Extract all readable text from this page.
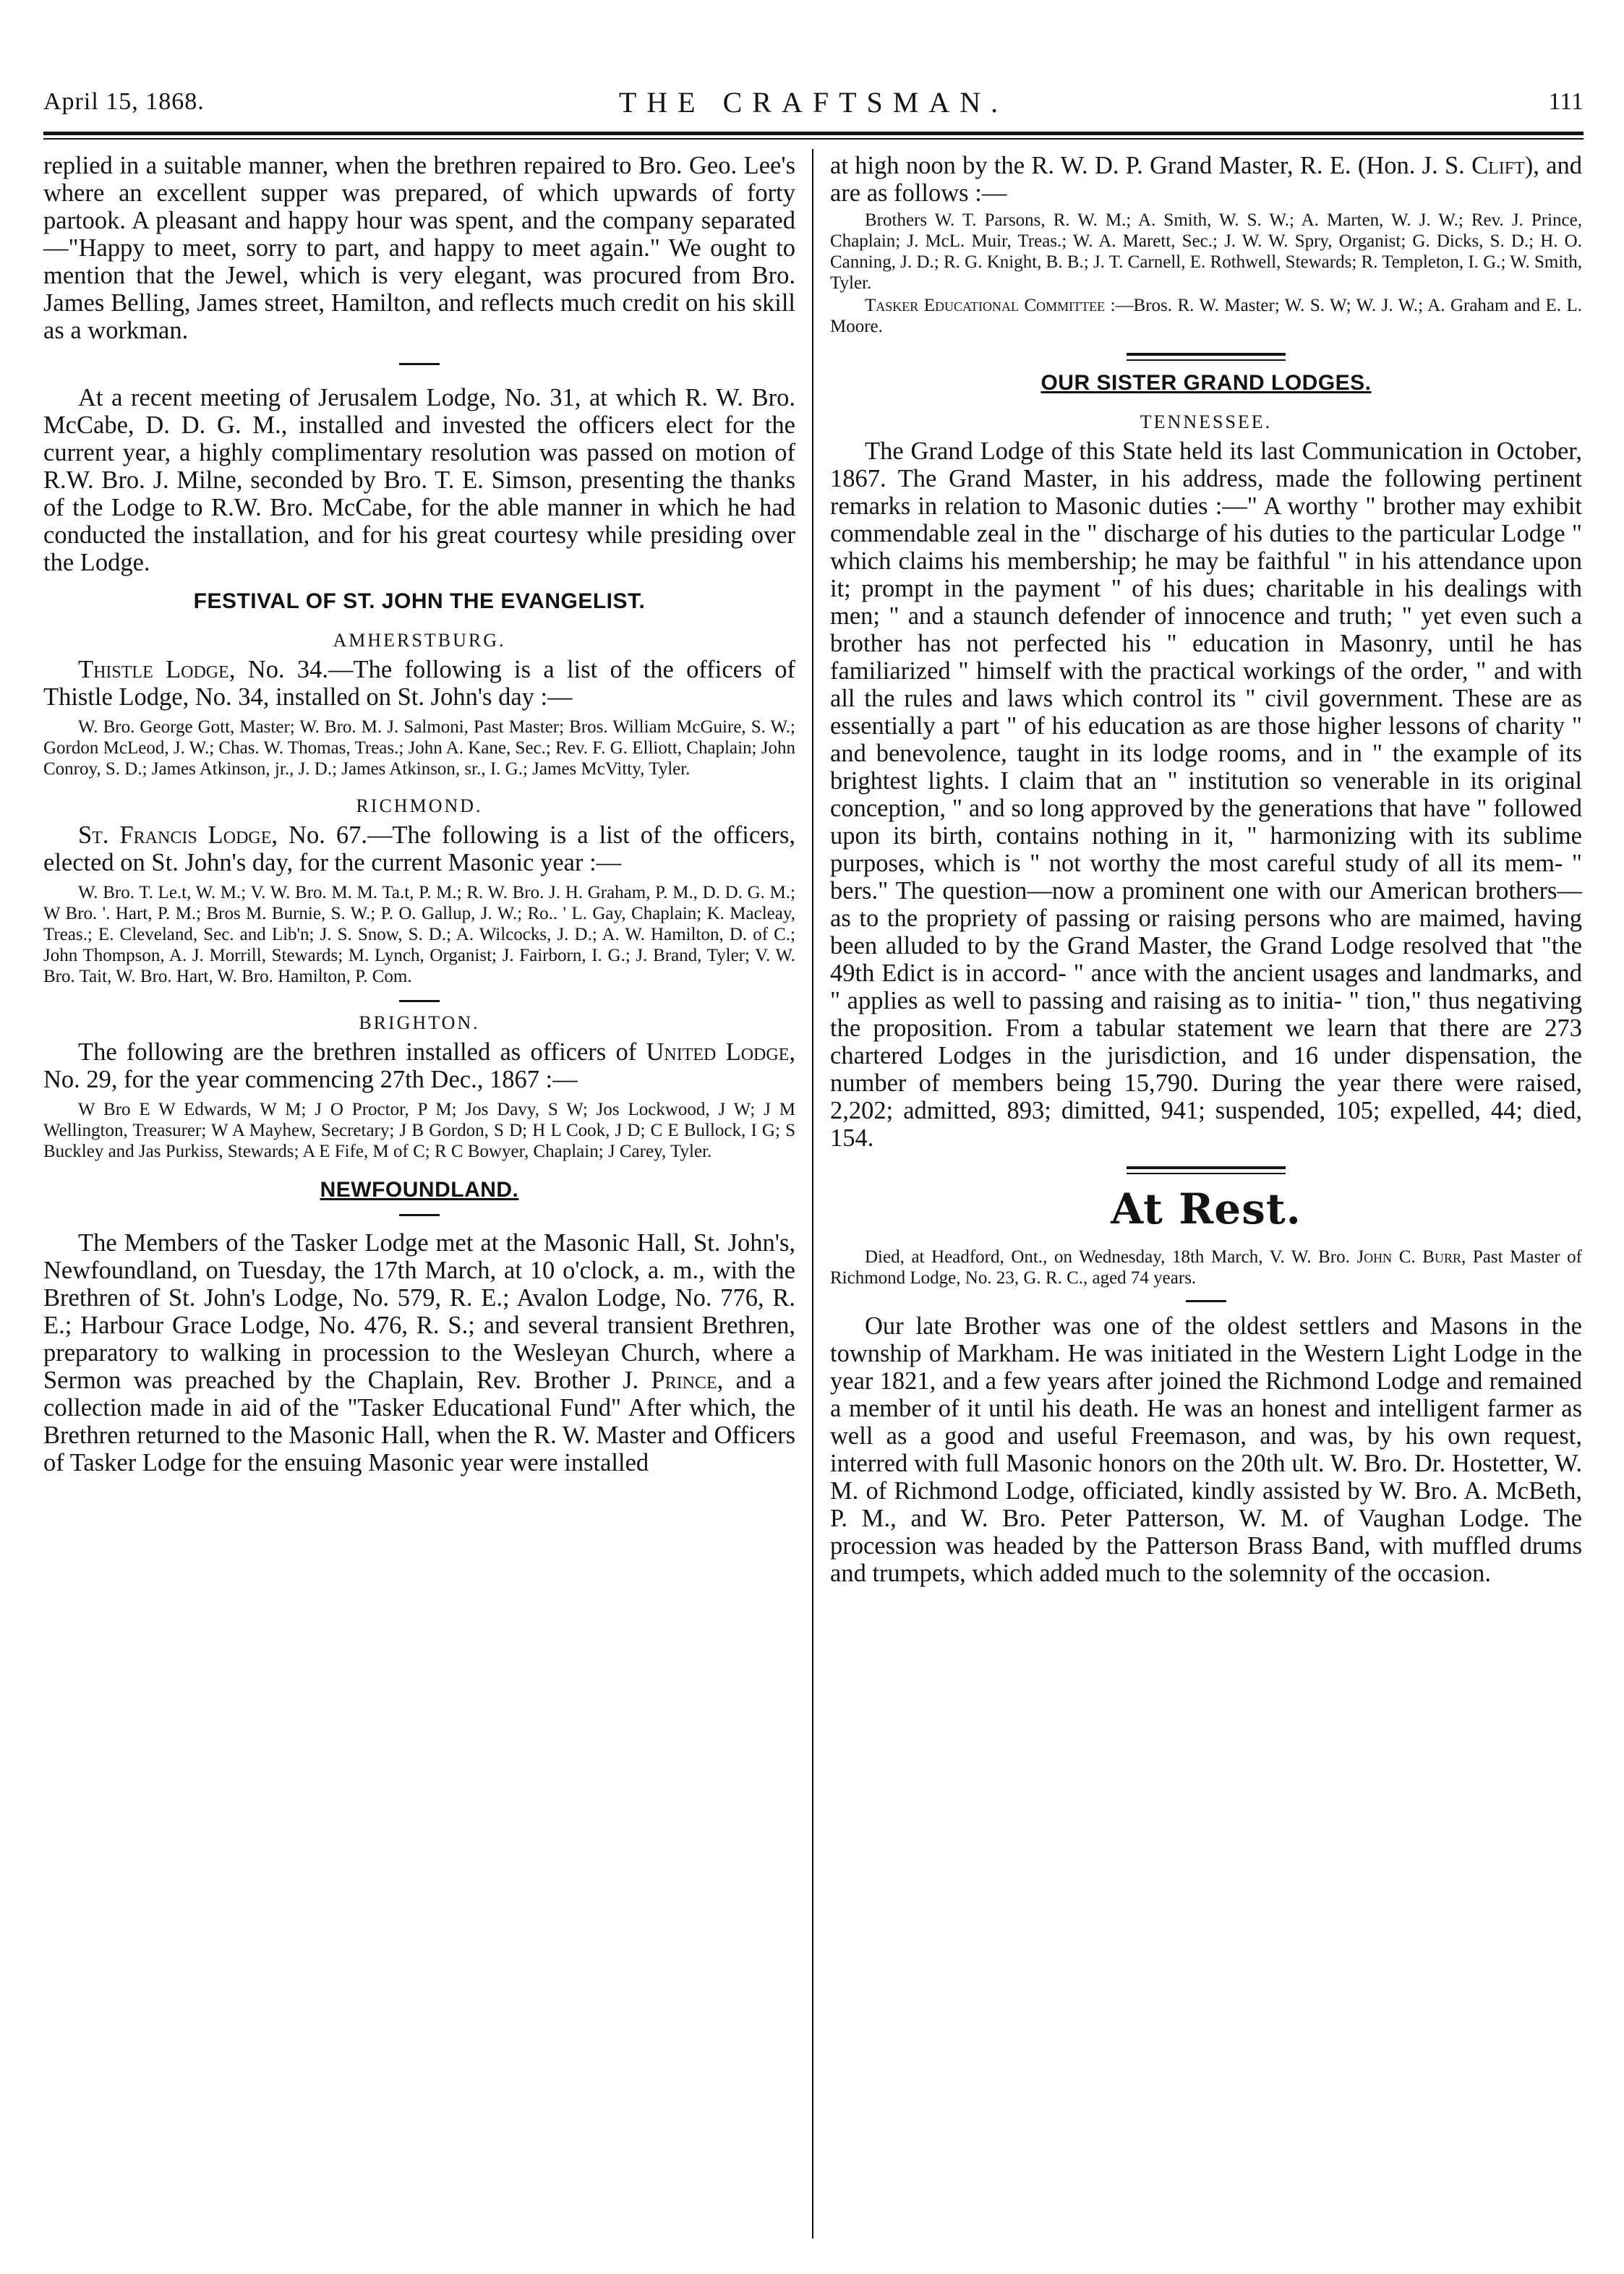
April 15, 1868.	THE CRAFTSMAN.	111

replied in a suitable manner, when the brethren repaired to Bro. Geo. Lee's where an excellent supper was prepared, of which upwards of forty partook. A pleasant and happy hour was spent, and the company separated—"Happy to meet, sorry to part, and happy to meet again." We ought to mention that the Jewel, which is very elegant, was procured from Bro. James Belling, James street, Hamilton, and reflects much credit on his skill as a workman.

At a recent meeting of Jerusalem Lodge, No. 31, at which R. W. Bro. McCabe, D. D. G. M., installed and invested the officers elect for the current year, a highly complimentary resolution was passed on motion of R.W. Bro. J. Milne, seconded by Bro. T. E. Simson, presenting the thanks of the Lodge to R.W. Bro. McCabe, for the able manner in which he had conducted the installation, and for his great courtesy while presiding over the Lodge.

FESTIVAL OF ST. JOHN THE EVANGELIST.
AMHERSTBURG.

Thistle Lodge, No. 34.—The following is a list of the officers of Thistle Lodge, No. 34, installed on St. John's day :—

W. Bro. George Gott, Master; W. Bro. M. J. Salmoni, Past Master; Bros. William McGuire, S. W.; Gordon McLeod, J. W.; Chas. W. Thomas, Treas.; John A. Kane, Sec.; Rev. F. G. Elliott, Chaplain; John Conroy, S. D.; James Atkinson, jr., J. D.; James Atkinson, sr., I. G.; James McVitty, Tyler.

RICHMOND.

St. Francis Lodge, No. 67.—The following is a list of the officers, elected on St. John's day, for the current Masonic year :—

W. Bro. T. Le.t, W. M.; V. W. Bro. M. M. Ta.t, P. M.; R. W. Bro. J. H. Graham, P. M., D. D. G. M.; W Bro. '. Hart, P. M.; Bros M. Burnie, S. W.; P. O. Gallup, J. W.; Ro.. ' L. Gay, Chaplain; K. Macleay, Treas.; E. Cleveland, Sec. and Lib'n; J. S. Snow, S. D.; A. Wilcocks, J. D.; A. W. Hamilton, D. of C.; John Thompson, A. J. Morrill, Stewards; M. Lynch, Organist; J. Fairborn, I. G.; J. Brand, Tyler; V. W. Bro. Tait, W. Bro. Hart, W. Bro. Hamilton, P. Com.

BRIGHTON.

The following are the brethren installed as officers of United Lodge, No. 29, for the year commencing 27th Dec., 1867 :—

W Bro E W Edwards, W M; J O Proctor, P M; Jos Davy, S W; Jos Lockwood, J W; J M Wellington, Treasurer; W A Mayhew, Secretary; J B Gordon, S D; H L Cook, J D; C E Bullock, I G; S Buckley and Jas Purkiss, Stewards; A E Fife, M of C; R C Bowyer, Chaplain; J Carey, Tyler.

NEWFOUNDLAND.

The Members of the Tasker Lodge met at the Masonic Hall, St. John's, Newfoundland, on Tuesday, the 17th March, at 10 o'clock, a. m., with the Brethren of St. John's Lodge, No. 579, R. E.; Avalon Lodge, No. 776, R. E.; Harbour Grace Lodge, No. 476, R. S.; and several transient Brethren, preparatory to walking in procession to the Wesleyan Church, where a Sermon was preached by the Chaplain, Rev. Brother J. Prince, and a collection made in aid of the "Tasker Educational Fund" After which, the Brethren returned to the Masonic Hall, when the R. W. Master and Officers of Tasker Lodge for the ensuing Masonic year were installed

at high noon by the R. W. D. P. Grand Master, R. E. (Hon. J. S. Clift), and are as follows :—

Brothers W. T. Parsons, R. W. M.; A. Smith, W. S. W.; A. Marten, W. J. W.; Rev. J. Prince, Chaplain; J. McL. Muir, Treas.; W. A. Marett, Sec.; J. W. W. Spry, Organist; G. Dicks, S. D.; H. O. Canning, J. D.; R. G. Knight, B. B.; J. T. Carnell, E. Rothwell, Stewards; R. Templeton, I. G.; W. Smith, Tyler.

Tasker Educational Committee :—Bros. R. W. Master; W. S. W; W. J. W.; A. Graham and E. L. Moore.

OUR SISTER GRAND LODGES.
TENNESSEE.

The Grand Lodge of this State held its last Communication in October, 1867. The Grand Master, in his address, made the following pertinent remarks in relation to Masonic duties :—" A worthy " brother may exhibit commendable zeal in the " discharge of his duties to the particular Lodge " which claims his membership; he may be faithful " in his attendance upon it; prompt in the payment " of his dues; charitable in his dealings with men; " and a staunch defender of innocence and truth; " yet even such a brother has not perfected his " education in Masonry, until he has familiarized " himself with the practical workings of the order, " and with all the rules and laws which control its " civil government. These are as essentially a part " of his education as are those higher lessons of charity " and benevolence, taught in its lodge rooms, and in " the example of its brightest lights. I claim that an " institution so venerable in its original conception, " and so long approved by the generations that have " followed upon its birth, contains nothing in it, " harmonizing with its sublime purposes, which is " not worthy the most careful study of all its mem- " bers." The question—now a prominent one with our American brothers—as to the propriety of passing or raising persons who are maimed, having been alluded to by the Grand Master, the Grand Lodge resolved that "the 49th Edict is in accord- " ance with the ancient usages and landmarks, and " applies as well to passing and raising as to initia- " tion," thus negativing the proposition. From a tabular statement we learn that there are 273 chartered Lodges in the jurisdiction, and 16 under dispensation, the number of members being 15,790. During the year there were raised, 2,202; admitted, 893; dimitted, 941; suspended, 105; expelled, 44; died, 154.

At Rest.

Died, at Headford, Ont., on Wednesday, 18th March, V. W. Bro. John C. Burr, Past Master of Richmond Lodge, No. 23, G. R. C., aged 74 years.

Our late Brother was one of the oldest settlers and Masons in the township of Markham. He was initiated in the Western Light Lodge in the year 1821, and a few years after joined the Richmond Lodge and remained a member of it until his death. He was an honest and intelligent farmer as well as a good and useful Freemason, and was, by his own request, interred with full Masonic honors on the 20th ult. W. Bro. Dr. Hostetter, W. M. of Richmond Lodge, officiated, kindly assisted by W. Bro. A. McBeth, P. M., and W. Bro. Peter Patterson, W. M. of Vaughan Lodge. The procession was headed by the Patterson Brass Band, with muffled drums and trumpets, which added much to the solemnity of the occasion.
